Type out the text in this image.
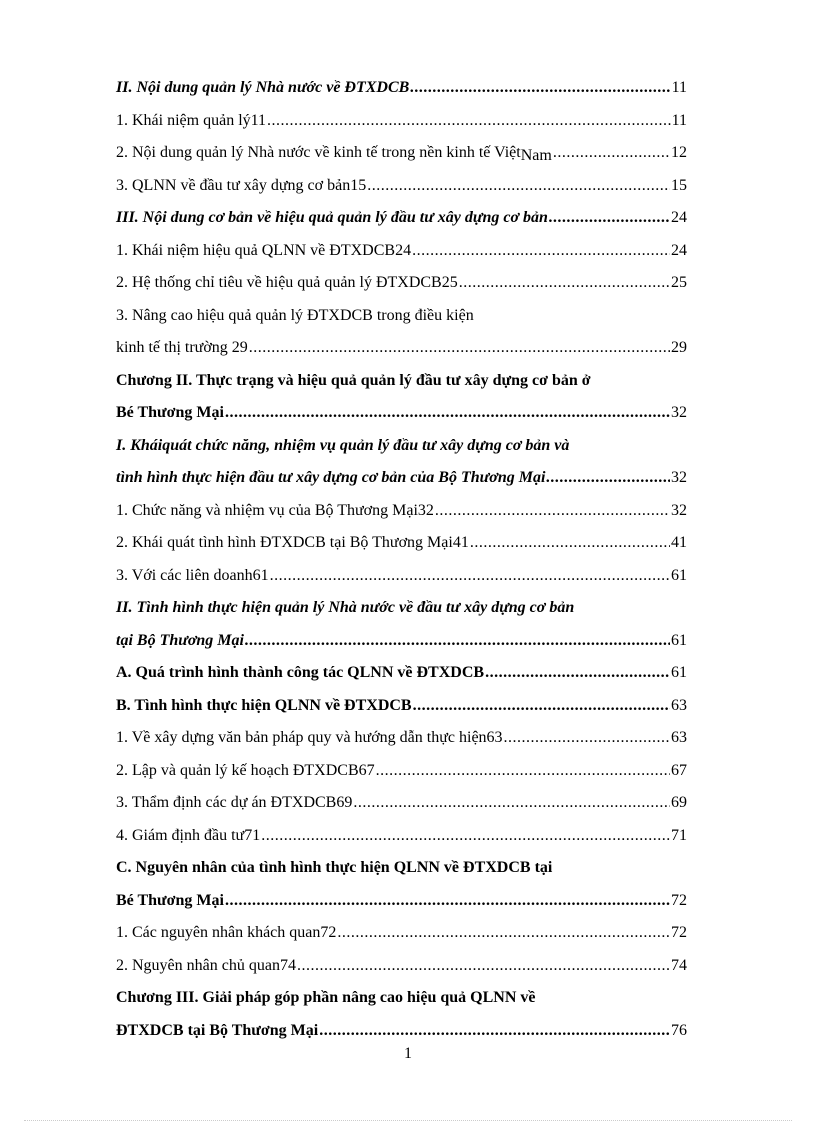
II. Nội dung quản lý Nhà nước về ĐTXDCB .....	11
1. Khái niệm quản lý11 .....	11
2. Nội dung quản lý Nhà nước về kinh tế trong nền kinh tế Việt Nam .....	12
3. QLNN về đầu tư xây dựng cơ bản15 .....	15
III. Nội dung cơ bản về hiệu quả quản lý đầu tư xây dựng cơ bản .....	24
1. Khái niệm hiệu quả QLNN về ĐTXDCB24 .....	24
2. Hệ thống chỉ tiêu về hiệu quả quản lý ĐTXDCB25 .....	25
3. Nâng cao hiệu quả quản lý ĐTXDCB trong điều kiện
kinh tế thị trường 29 .....	29
Chương II. Thực trạng và hiệu quả quản lý đầu tư xây dựng cơ bản ở
Bé Thương Mại .....	32
I. Kháiquát chức năng, nhiệm vụ quản lý đầu tư xây dựng cơ bản và
tình hình thực hiện đầu tư xây dựng cơ bản của Bộ Thương Mại .....	32
1. Chức năng và nhiệm vụ của Bộ Thương Mại32 .....	32
2. Khái quát tình hình ĐTXDCB tại Bộ Thương Mại41 .....	41
3. Với các liên doanh61 .....	61
II. Tình hình thực hiện quản lý Nhà nước về đầu tư xây dựng cơ bản
tại Bộ Thương Mại .....	61
A. Quá trình hình thành công tác QLNN về ĐTXDCB .....	61
B. Tình hình thực hiện QLNN về ĐTXDCB .....	63
1. Về xây dựng văn bản pháp quy và hướng dẫn thực hiện63 .....	63
2. Lập và quản lý kế hoạch ĐTXDCB67 .....	67
3. Thẩm định các dự án ĐTXDCB69 .....	69
4. Giám định đầu tư71 .....	71
C. Nguyên nhân của tình hình thực hiện QLNN về ĐTXDCB tại
Bé Thương Mại .....	72
1. Các nguyên nhân khách quan72 .....	72
2. Nguyên nhân chủ quan74 .....	74
Chương III. Giải pháp góp phần nâng cao hiệu quả QLNN về
ĐTXDCB tại Bộ Thương Mại .....	76
1
